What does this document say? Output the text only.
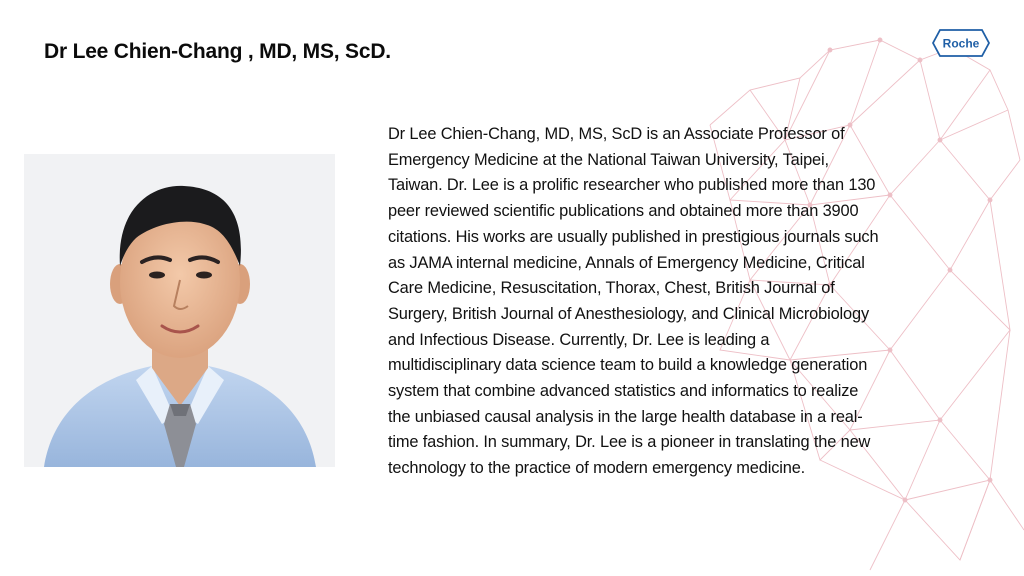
Roche
Dr Lee Chien-Chang , MD, MS, ScD.

Dr Lee Chien-Chang, MD, MS, ScD is an Associate Professor of
Emergency Medicine at the National Taiwan University, Taipei,
Taiwan. Dr. Lee is a prolific researcher who published more than 130
peer reviewed scientific publications and obtained more than 3900
citations. His works are usually published in prestigious journals such
as JAMA internal medicine, Annals of Emergency Medicine, Critical
Care Medicine, Resuscitation, Thorax, Chest, British Journal of
Surgery, British Journal of Anesthesiology, and Clinical Microbiology
and Infectious Disease. Currently, Dr. Lee is leading a
multidisciplinary data science team to build a knowledge generation
system that combine advanced statistics and informatics to realize
the unbiased causal analysis in the large health database in a real-
time fashion. In summary, Dr. Lee is a pioneer in translating the new
technology to the practice of modern emergency medicine.
